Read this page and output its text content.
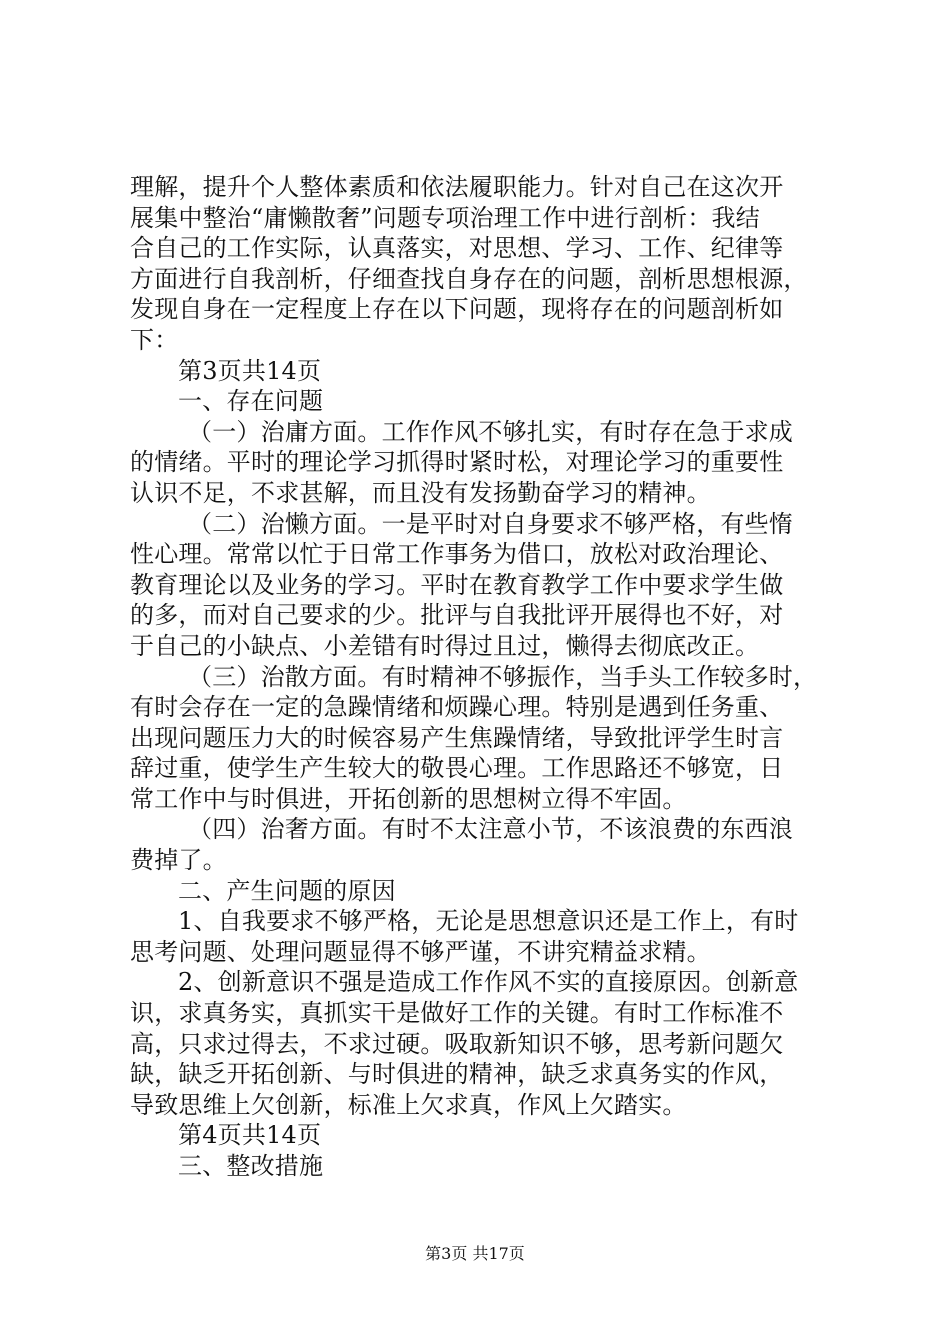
理解，提升个人整体素质和依法履职能力。针对自己在这次开
展集中整治“庸懒散奢”问题专项治理工作中进行剖析：我结
合自己的工作实际，认真落实，对思想、学习、工作、纪律等
方面进行自我剖析，仔细查找自身存在的问题，剖析思想根源，
发现自身在一定程度上存在以下问题，现将存在的问题剖析如
下：
第3页共14页
一、存在问题
（一）治庸方面。工作作风不够扎实，有时存在急于求成
的情绪。平时的理论学习抓得时紧时松，对理论学习的重要性
认识不足，不求甚解，而且没有发扬勤奋学习的精神。
（二）治懒方面。一是平时对自身要求不够严格，有些惰
性心理。常常以忙于日常工作事务为借口，放松对政治理论、
教育理论以及业务的学习。平时在教育教学工作中要求学生做
的多，而对自己要求的少。批评与自我批评开展得也不好，对
于自己的小缺点、小差错有时得过且过，懒得去彻底改正。
（三）治散方面。有时精神不够振作，当手头工作较多时，
有时会存在一定的急躁情绪和烦躁心理。特别是遇到任务重、
出现问题压力大的时候容易产生焦躁情绪，导致批评学生时言
辞过重，使学生产生较大的敬畏心理。工作思路还不够宽，日
常工作中与时俱进，开拓创新的思想树立得不牢固。
（四）治奢方面。有时不太注意小节，不该浪费的东西浪
费掉了。
二、产生问题的原因
1、自我要求不够严格，无论是思想意识还是工作上，有时
思考问题、处理问题显得不够严谨，不讲究精益求精。
2、创新意识不强是造成工作作风不实的直接原因。创新意
识，求真务实，真抓实干是做好工作的关键。有时工作标准不
高，只求过得去，不求过硬。吸取新知识不够，思考新问题欠
缺，缺乏开拓创新、与时俱进的精神，缺乏求真务实的作风，
导致思维上欠创新，标准上欠求真，作风上欠踏实。
第4页共14页
三、整改措施
第3页 共17页
